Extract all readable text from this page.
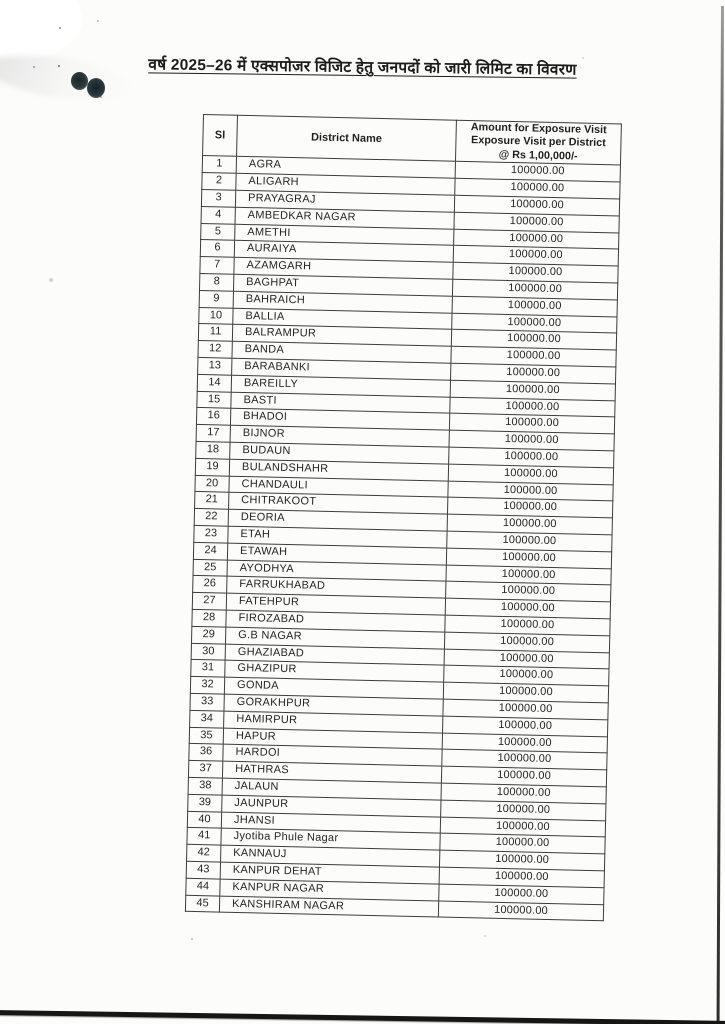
वर्ष 2025–26 में एक्सपोजर विजिट हेतु जनपदों को जारी लिमिट का विवरण
Sl	District Name	Amount for Exposure Visit
Exposure Visit per District
@ Rs 1,00,000/-
1	AGRA	100000.00
2	ALIGARH	100000.00
3	PRAYAGRAJ	100000.00
4	AMBEDKAR NAGAR	100000.00
5	AMETHI	100000.00
6	AURAIYA	100000.00
7	AZAMGARH	100000.00
8	BAGHPAT	100000.00
9	BAHRAICH	100000.00
10	BALLIA	100000.00
11	BALRAMPUR	100000.00
12	BANDA	100000.00
13	BARABANKI	100000.00
14	BAREILLY	100000.00
15	BASTI	100000.00
16	BHADOI	100000.00
17	BIJNOR	100000.00
18	BUDAUN	100000.00
19	BULANDSHAHR	100000.00
20	CHANDAULI	100000.00
21	CHITRAKOOT	100000.00
22	DEORIA	100000.00
23	ETAH	100000.00
24	ETAWAH	100000.00
25	AYODHYA	100000.00
26	FARRUKHABAD	100000.00
27	FATEHPUR	100000.00
28	FIROZABAD	100000.00
29	G.B NAGAR	100000.00
30	GHAZIABAD	100000.00
31	GHAZIPUR	100000.00
32	GONDA	100000.00
33	GORAKHPUR	100000.00
34	HAMIRPUR	100000.00
35	HAPUR	100000.00
36	HARDOI	100000.00
37	HATHRAS	100000.00
38	JALAUN	100000.00
39	JAUNPUR	100000.00
40	JHANSI	100000.00
41	Jyotiba Phule Nagar	100000.00
42	KANNAUJ	100000.00
43	KANPUR DEHAT	100000.00
44	KANPUR NAGAR	100000.00
45	KANSHIRAM NAGAR	100000.00
